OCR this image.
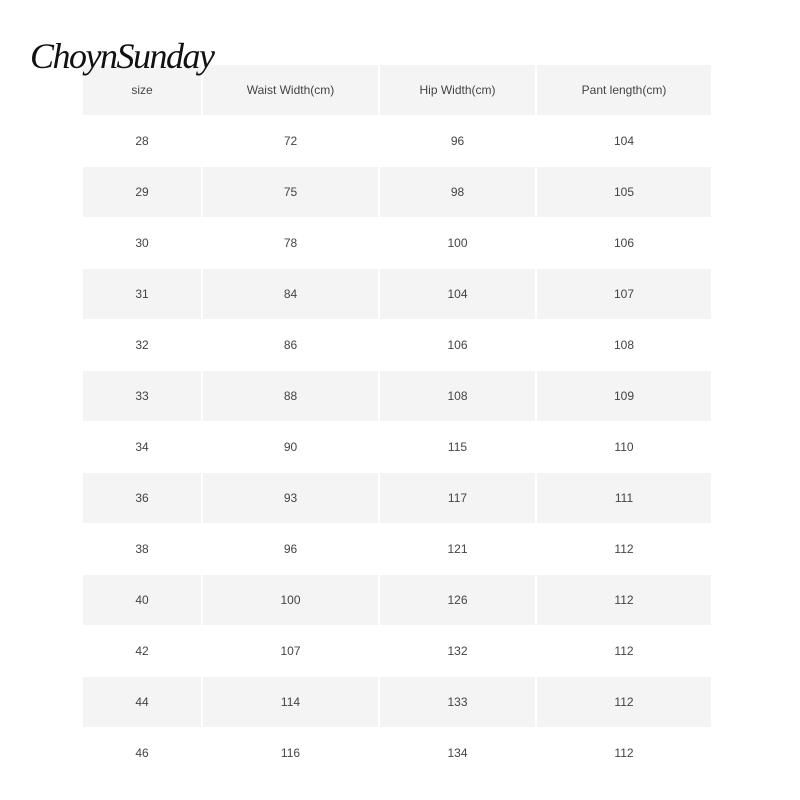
ChoynSunday
size	Waist Width(cm)	Hip Width(cm)	Pant length(cm)
28	72	96	104
29	75	98	105
30	78	100	106
31	84	104	107
32	86	106	108
33	88	108	109
34	90	115	110
36	93	117	111
38	96	121	112
40	100	126	112
42	107	132	112
44	114	133	112
46	116	134	112
